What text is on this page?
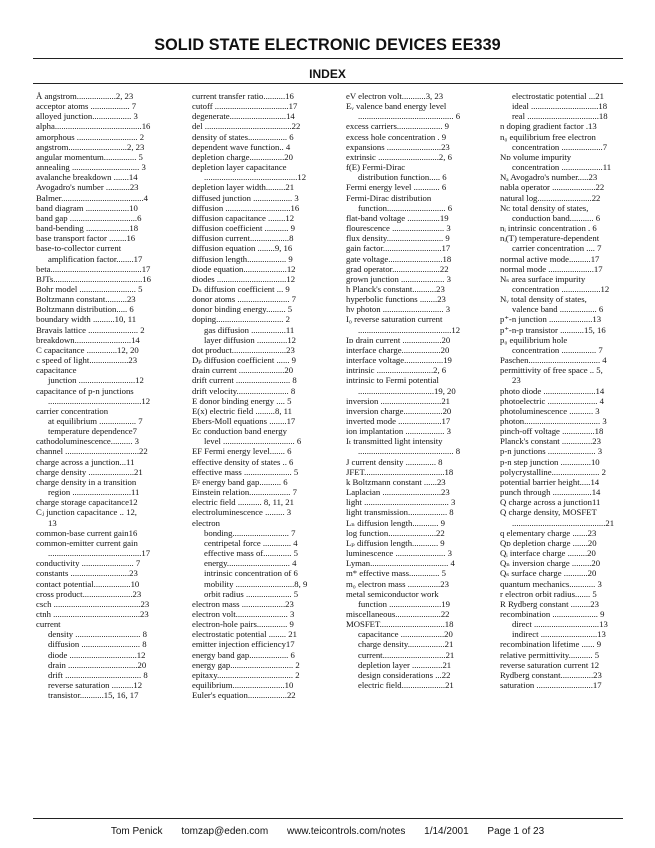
SOLID STATE ELECTRONIC DEVICES EE339
INDEX
Å angstrom..................2, 23
acceptor atoms .................. 7
alloyed junction.................. 3
alpha........................................16
amorphous ............................ 2
angstrom...........................2, 23
angular momentum............... 5
annealing ............................... 3
avalanche breakdown .......14
Avogadro's number ...........23
Balmer......................................4
band diagram ....................10
band gap ...............................6
band-bending ....................18
base transport factor ........16
base-to-collector current
amplification factor........17
beta..........................................17
BJTs.........................................16
Bohr model .......................... 5
Boltzmann constant..........23
Boltzmann distribution..... 6
boundary width ..........10, 11
Bravais lattice ....................... 2
breakdown..........................14
C capacitance ..............12, 20
c speed of light..................23
capacitance
junction ..........................12
capacitance of p-n junctions
...........................................12
carrier concentration
at equilibrium ................. 7
temperature dependence7
cathodoluminescence.......... 3
channel ..................................22
charge across a junction...11
charge density .....................21
charge density in a transition
region ...........................11
charge storage capacitance12
Cⱼ junction capacitance .. 12,
13
common-base current gain16
common-emitter current gain
...........................................17
conductivity ........................ 7
constants ...........................23
contact potential.................10
cross product.......................23
csch ........................................23
ctnh ........................................23
current
density .............................. 8
diffusion ........................... 8
diode ...............................12
drain ................................20
drift ................................... 8
reverse saturation ..........12
transistor...........15, 16, 17
current transfer ratio..........16
cutoff ..................................17
degenerate..........................14
del ........................................22
density of states.................. 6
dependent wave function.. 4
depletion charge................20
depletion layer capacitance
...........................................12
depletion layer width.........21
diffused junction .................. 3
diffusion ..............................16
diffusion capacitance ........12
diffusion coefficient ........... 9
diffusion current..................8
diffusion equation ........9, 16
diffusion length.................. 9
diode equation....................12
diodes ................................12
Dₙ diffusion coefficient ... 9
donor atoms ........................ 7
donor binding energy......... 5
doping............................... 2
gas diffusion ................11
layer diffusion ..............12
dot product.........................23
Dₚ diffusion coefficient ...... 9
drain current .....................20
drift current ......................... 8
drift velocity........................ 8
E donor binding energy .... 5
E(x) electric field .........8, 11
Ebers-Moll equations ........17
Eᴄ conduction band energy
level ................................. 6
EF Fermi energy level....... 6
effective density of states .. 6
effective mass ...................... 5
Eᵍ energy band gap.......... 6
Einstein relation................... 7
electric field ........... 8, 11, 21
electroluminescence ......... 3
electron
bonding.......................... 7
centripetal force ............. 4
effective mass of............. 5
energy............................. 4
intrinsic concentration of 6
mobility ...........................8, 9
orbit radius ..................... 5
electron mass ....................23
electron volt........................ 3
electron-hole pairs.............. 9
electrostatic potential ........ 21
emitter injection efficiency17
energy band gap.................. 6
energy gap............................. 2
epitaxy................................... 2
equilibrium........................10
Euler's equation..................22
eV electron volt...........3, 23
Eᵥ valence band energy level
............................................ 6
excess carriers..................... 9
excess hole concentration . 9
expansions .........................23
extrinsic ............................2, 6
f(E) Fermi-Dirac
distribution function..... 6
Fermi energy level ............ 6
Fermi-Dirac distribution
function........................... 6
flat-band voltage ...............19
flourescence ........................ 3
flux density.......................... 9
gain factor...........................17
gate voltage.........................18
grad operator......................22
grown junction .................... 3
h Planck's constant...........23
hyperbolic functions ........23
hν photon ............................ 3
I₀ reverse saturation current
...........................................12
Iᴅ drain current ..................20
interface charge..................20
interface voltage..................19
intrinsic ..........................2, 6
intrinsic to Fermi potential
...................................19, 20
inversion ............................21
inversion charge..................20
inverted mode ....................17
ion implantation .................. 3
Iₜ transmitted light intensity
............................................ 8
J current density .............. 8
JFET.....................................18
k Boltzmann constant ......23
Laplacian ...........................23
light ....................................... 3
light transmission.................. 8
Lₙ diffusion length............ 9
log function......................22
Lₚ diffusion length............ 9
luminescence ....................... 3
Lyman.................................... 4
m* effective mass.............. 5
m₀ electron mass ...............23
metal semiconductor work
function ........................19
miscellaneous.....................22
MOSFET..............................18
capacitance ....................20
charge density.................21
current.............................21
depletion layer ..............21
design considerations ...22
electric field....................21
electrostatic potential ...21
ideal ...............................18
real .................................18
n doping gradient factor .13
n₀ equilibrium free electron
concentration ...................7
Nᴅ volume impurity
concentration ...................11
Nₐ Avogadro's number.....23
nabla operator ....................22
natural log.........................22
Nᴄ total density of states,
conduction band........... 6
nᵢ intrinsic concentration . 6
nᵢ(T) temperature-dependent
carrier concentration .... 7
normal active mode..........17
normal mode .....................17
Nₛ area surface impurity
concentration ..................12
Nᵥ total density of states,
valence band ................. 6
p⁺-n junction ....................13
p⁺-n-p transistor ...........15, 16
p₀ equilibrium hole
concentration ................ 7
Paschen................................. 4
permittivity of free space .. 5,
23
photo diode ........................14
photoelectric ....................... 4
photoluminescence ........... 3
photon................................... 3
pinch-off voltage ...............18
Planck's constant ..............23
p-n junctions ...................... 3
p-n step junction ..............10
polycrystalline...................... 2
potential barrier height.....14
punch through ..................14
Q charge across a junction11
Q charge density, MOSFET
...........................................21
q elementary charge .......23
Qᴅ depletion charge .......20
Qᵢ interface charge .........20
Qₙ inversion charge .........20
Qₛ surface charge ...........20
quantum mechanics............ 3
r electron orbit radius....... 5
R Rydberg constant .........23
recombination ..................... 9
direct ..............................13
indirect ..........................13
recombination lifetime ...... 9
relative permittivity........... 5
reverse saturation current 12
Rydberg constant...............23
saturation ..........................17
Tom Penick tomzap@eden.com www.teicontrols.com/notes 1/14/2001 Page 1 of 23
